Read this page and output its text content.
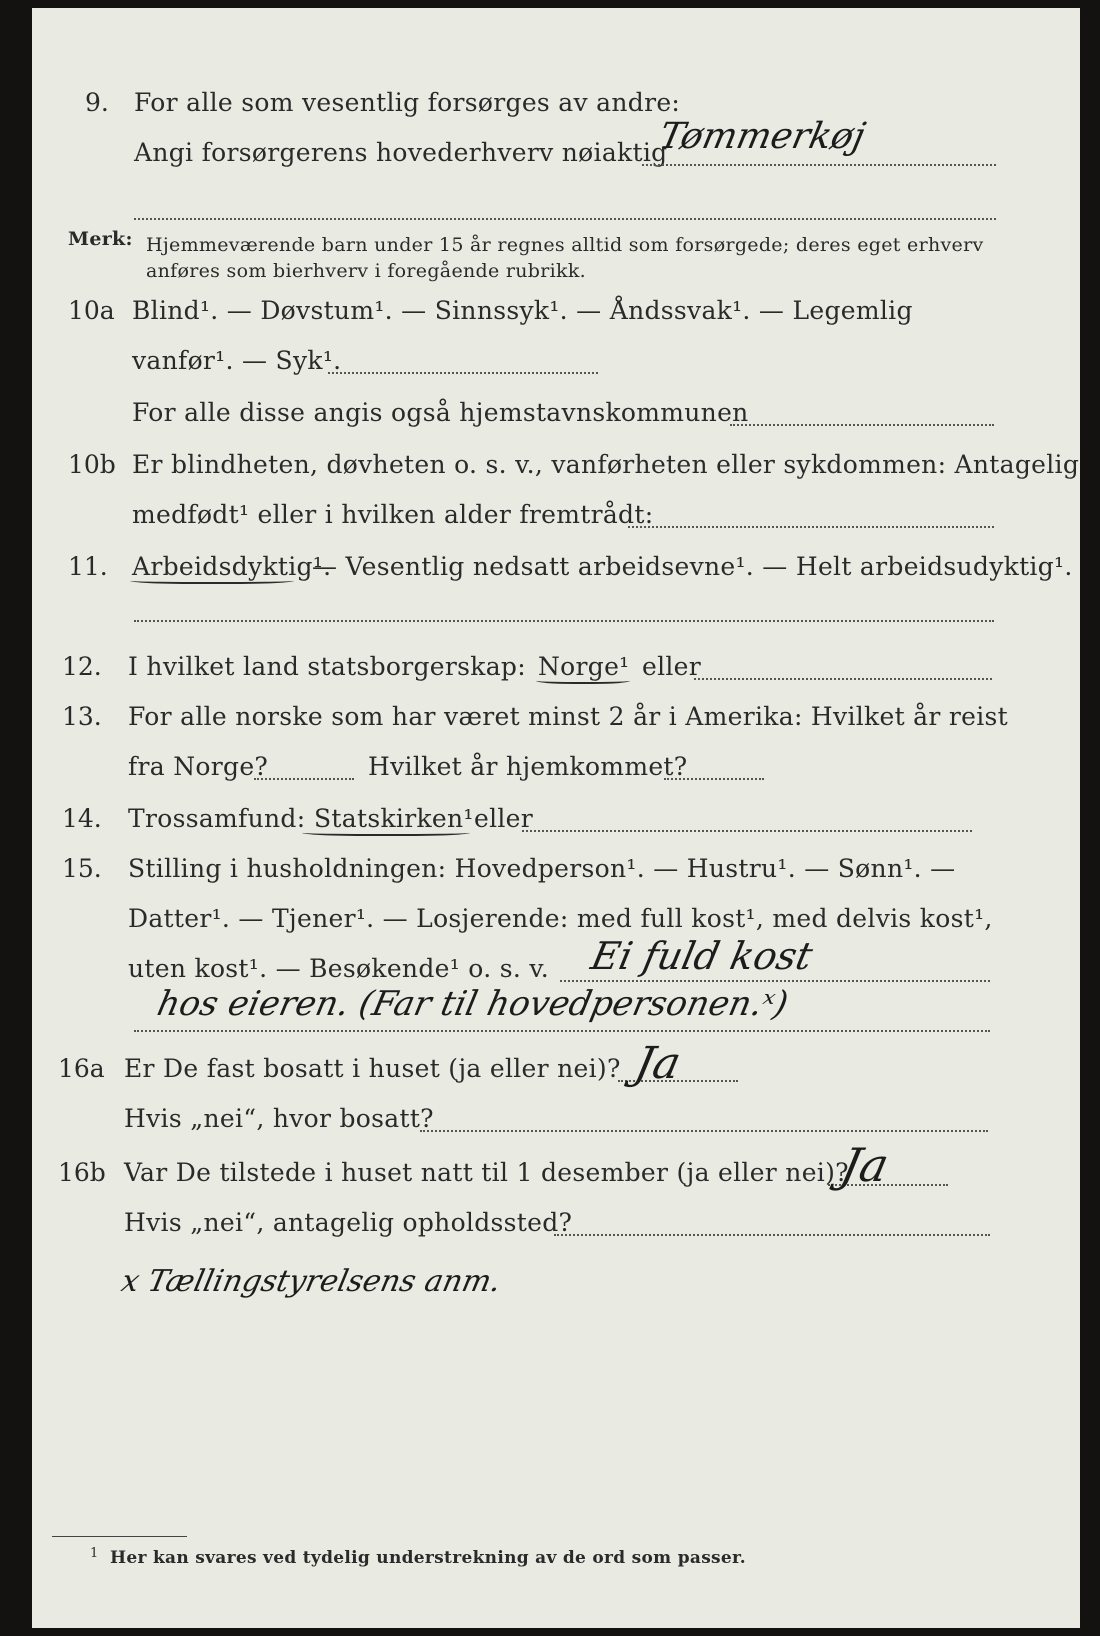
9. For alle som vesentlig forsørges av andre:
Angi forsørgerens hovederhverv nøiaktig
Tømmerkøj
Merk: Hjemmeværende barn under 15 år regnes alltid som forsørgede; deres eget erhverv
anføres som bierhverv i foregående rubrikk.
10a Blind¹. — Døvstum¹. — Sinnssyk¹. — Åndssvak¹. — Legemlig
vanfør¹. — Syk¹.
For alle disse angis også hjemstavnskommunen
10b Er blindheten, døvheten o. s. v., vanførheten eller sykdommen: Antagelig
medfødt¹ eller i hvilken alder fremtrådt:
11. Arbeidsdyktig¹.
— Vesentlig nedsatt arbeidsevne¹. — Helt arbeidsudyktig¹.
12. I hvilket land statsborgerskap: Norge¹ eller
13. For alle norske som har været minst 2 år i Amerika: Hvilket år reist
fra Norge?	Hvilket år hjemkommet?
14. Trossamfund: Statskirken¹ eller
15. Stilling i husholdningen: Hovedperson¹. — Hustru¹. — Sønn¹. —
Datter¹. — Tjener¹. — Losjerende: med full kost¹, med delvis kost¹,
uten kost¹. — Besøkende¹ o. s. v. Ei fuld kost
hos eieren. (Far til hovedpersonen.ˣ)
16a Er De fast bosatt i huset (ja eller nei)? Ja
Hvis „nei“, hvor bosatt?
16b Var De tilstede i huset natt til 1 desember (ja eller nei)?
Ja
Hvis „nei“, antagelig opholdssted?
x Tællingstyrelsens anm.
1 Her kan svares ved tydelig understrekning av de ord som passer.
